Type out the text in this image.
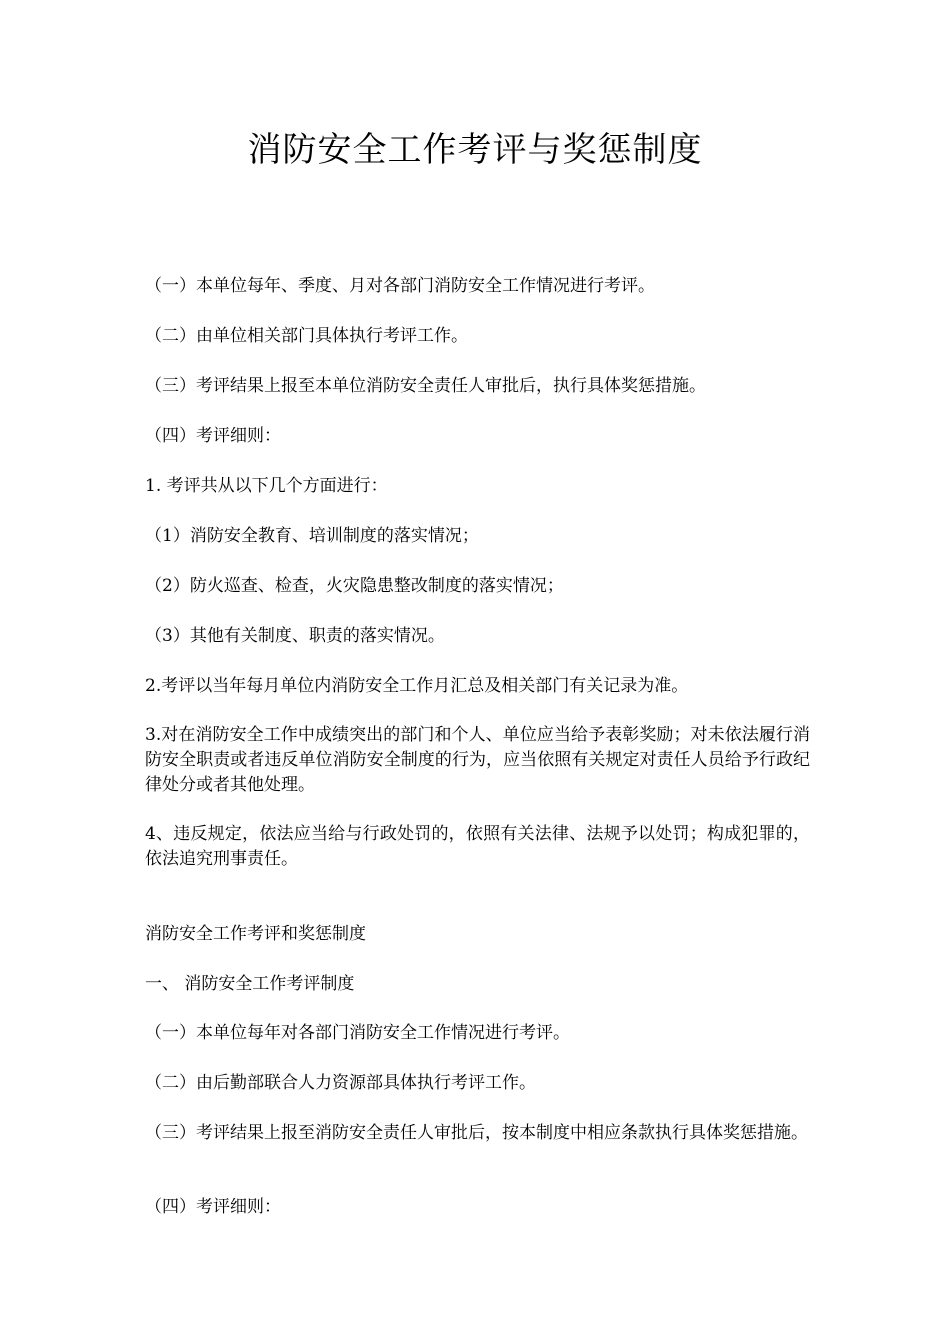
消防安全工作考评与奖惩制度
（一）本单位每年、季度、月对各部门消防安全工作情况进行考评。
（二）由单位相关部门具体执行考评工作。
（三）考评结果上报至本单位消防安全责任人审批后，执行具体奖惩措施。
（四）考评细则：
1. 考评共从以下几个方面进行：
（1）消防安全教育、培训制度的落实情况；
（2）防火巡查、检查，火灾隐患整改制度的落实情况；
（3）其他有关制度、职责的落实情况。
2.考评以当年每月单位内消防安全工作月汇总及相关部门有关记录为准。
3.对在消防安全工作中成绩突出的部门和个人、单位应当给予表彰奖励；对未依法履行消防安全职责或者违反单位消防安全制度的行为，应当依照有关规定对责任人员给予行政纪律处分或者其他处理。
4、违反规定，依法应当给与行政处罚的，依照有关法律、法规予以处罚；构成犯罪的，依法追究刑事责任。
消防安全工作考评和奖惩制度
一、 消防安全工作考评制度
（一）本单位每年对各部门消防安全工作情况进行考评。
（二）由后勤部联合人力资源部具体执行考评工作。
（三）考评结果上报至消防安全责任人审批后，按本制度中相应条款执行具体奖惩措施。
（四）考评细则：
